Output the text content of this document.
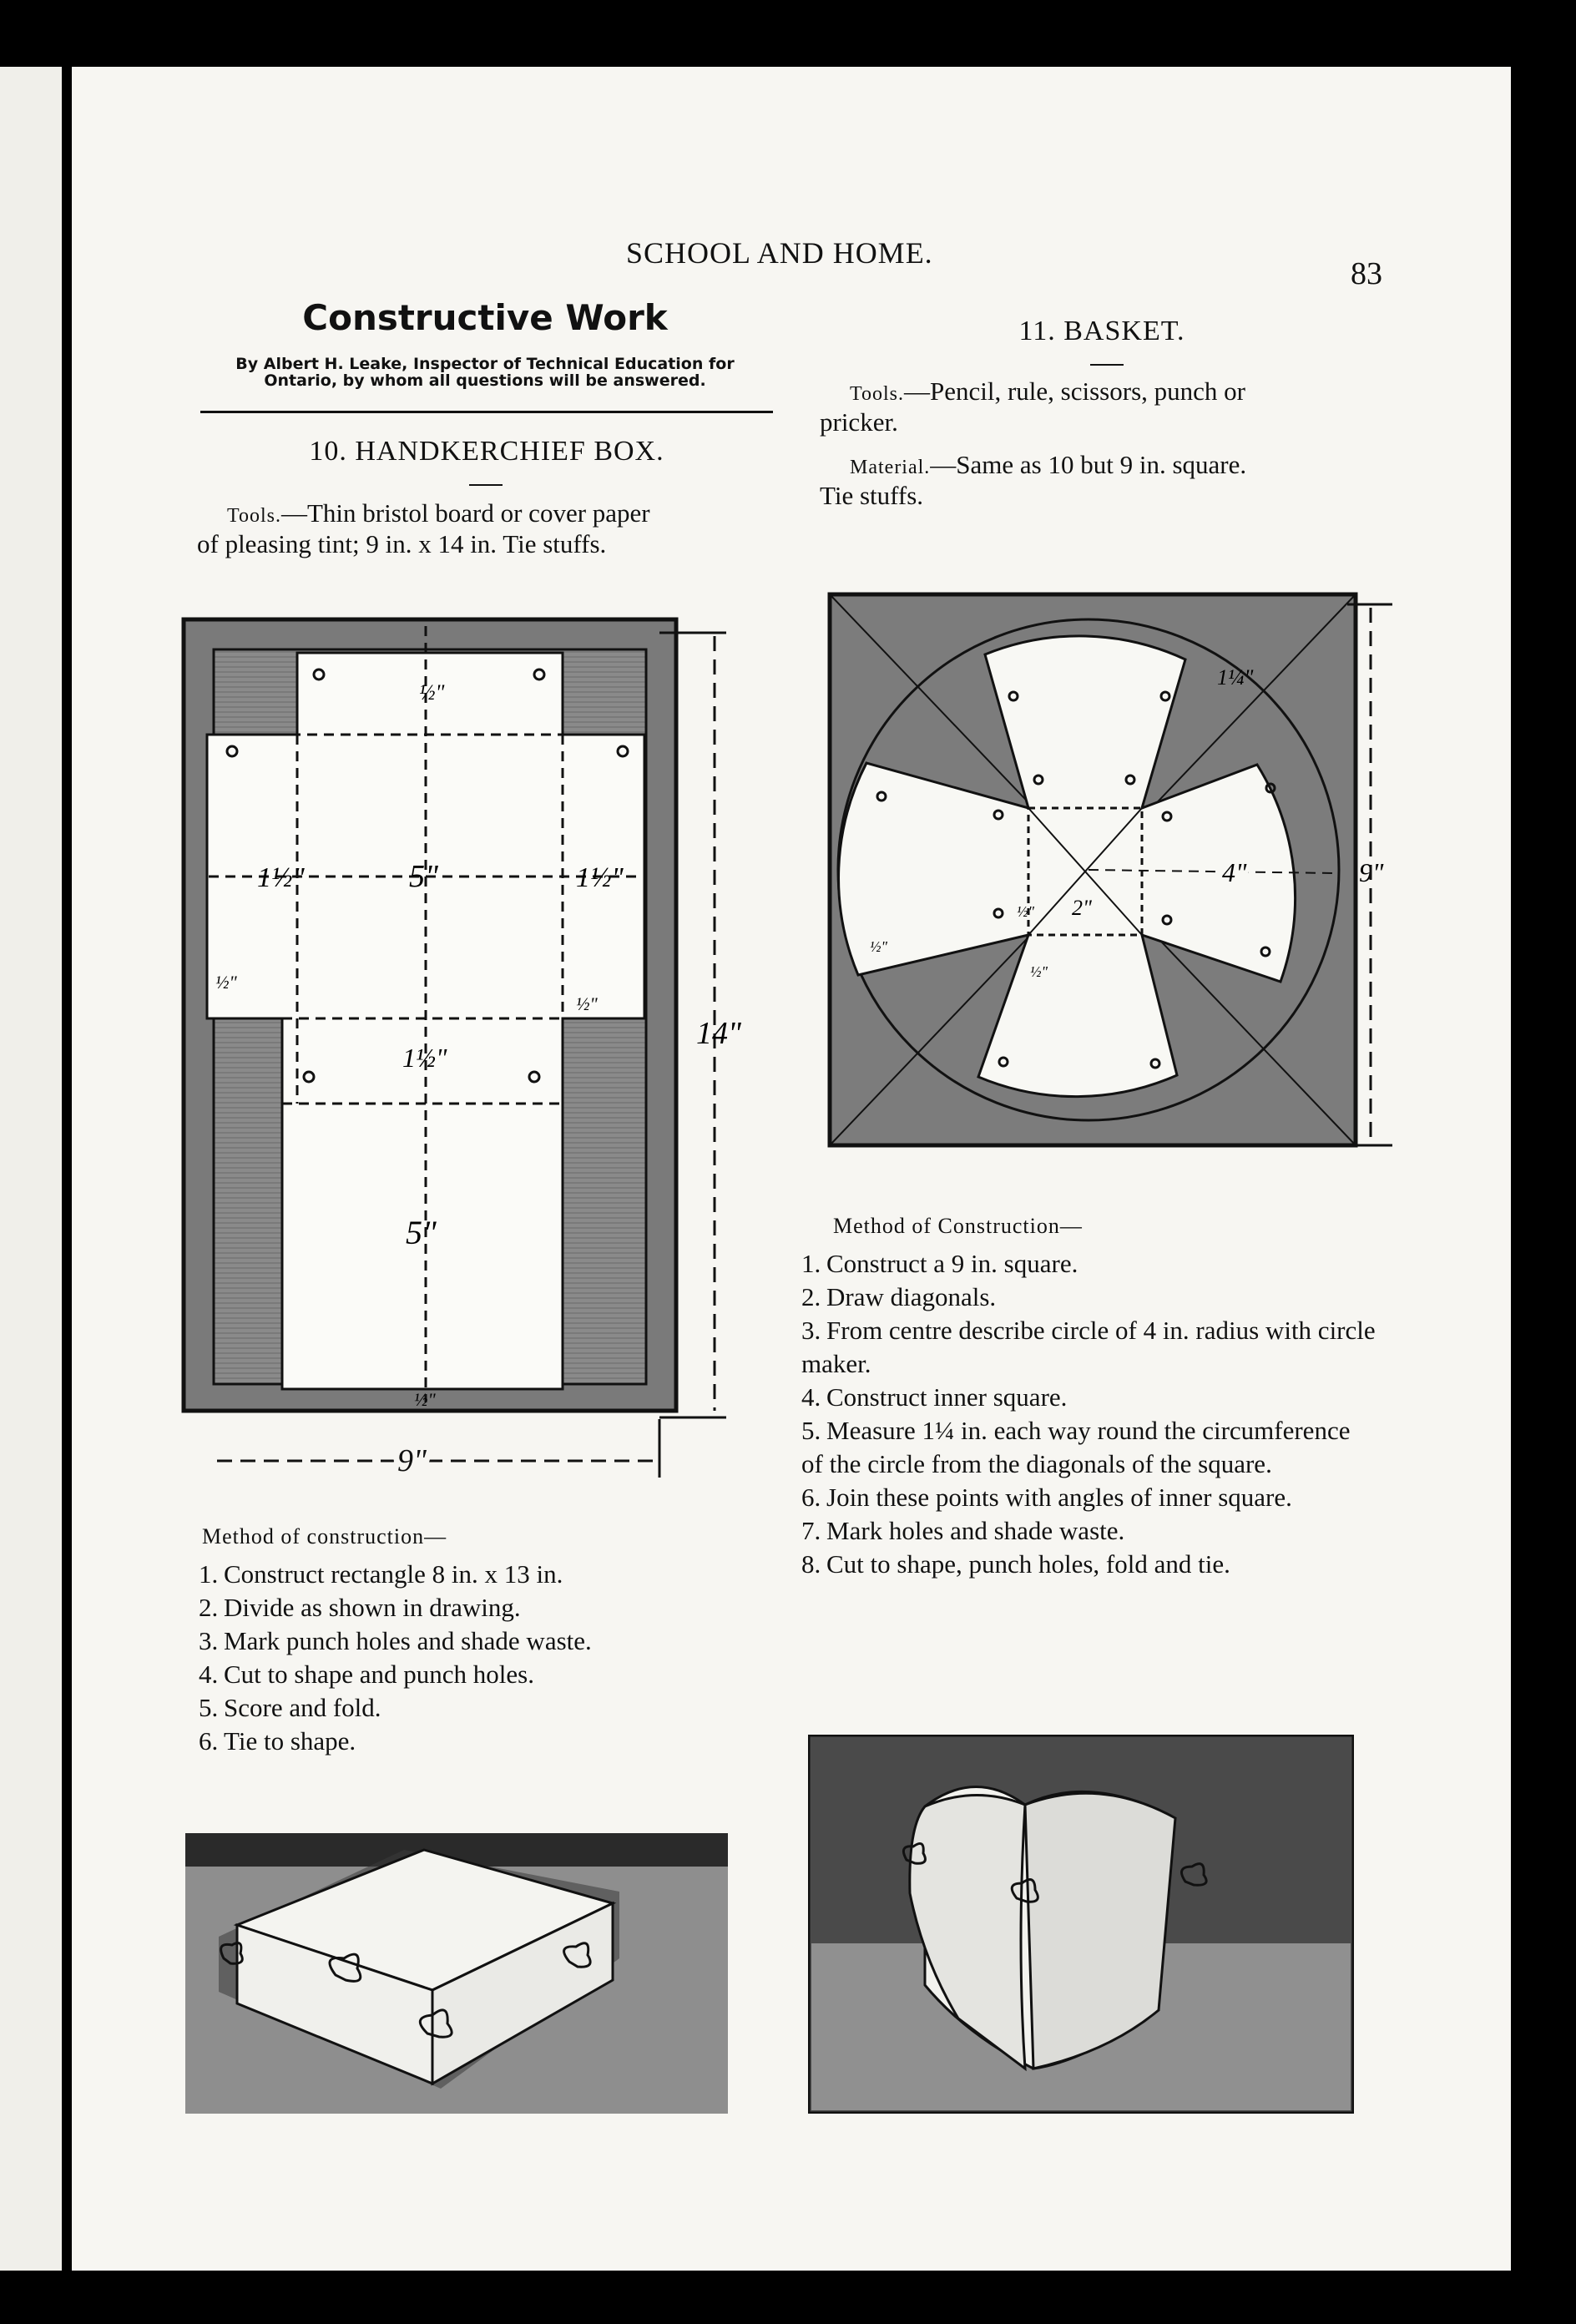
SCHOOL AND HOME.
83
Constructive Work
By Albert H. Leake, Inspector of Technical Education for
Ontario, by whom all questions will be answered.
10. HANDKERCHIEF BOX.
Tools.—Thin bristol board or cover paper
of pleasing tint; 9 in. x 14 in. Tie stuffs.
1½"	5"	1½"
1½"
5"
½"
½"
½"
½"
14"
9"
Method of construction—
1. Construct rectangle 8 in. x 13 in.
2. Divide as shown in drawing.
3. Mark punch holes and shade waste.
4. Cut to shape and punch holes.
5. Score and fold.
6. Tie to shape.
11. BASKET.
Tools.—Pencil, rule, scissors, punch or
pricker.
Material.—Same as 10 but 9 in. square.
Tie stuffs.
4"
2"
9"
1¼"
½"
½"
½"
Method of Construction—
1. Construct a 9 in. square.
2. Draw diagonals.
3. From centre describe circle of 4 in. radius with circle maker.
4. Construct inner square.
5. Measure 1¼ in. each way round the circumference of the circle from the diagonals of the square.
6. Join these points with angles of inner square.
7. Mark holes and shade waste.
8. Cut to shape, punch holes, fold and tie.
